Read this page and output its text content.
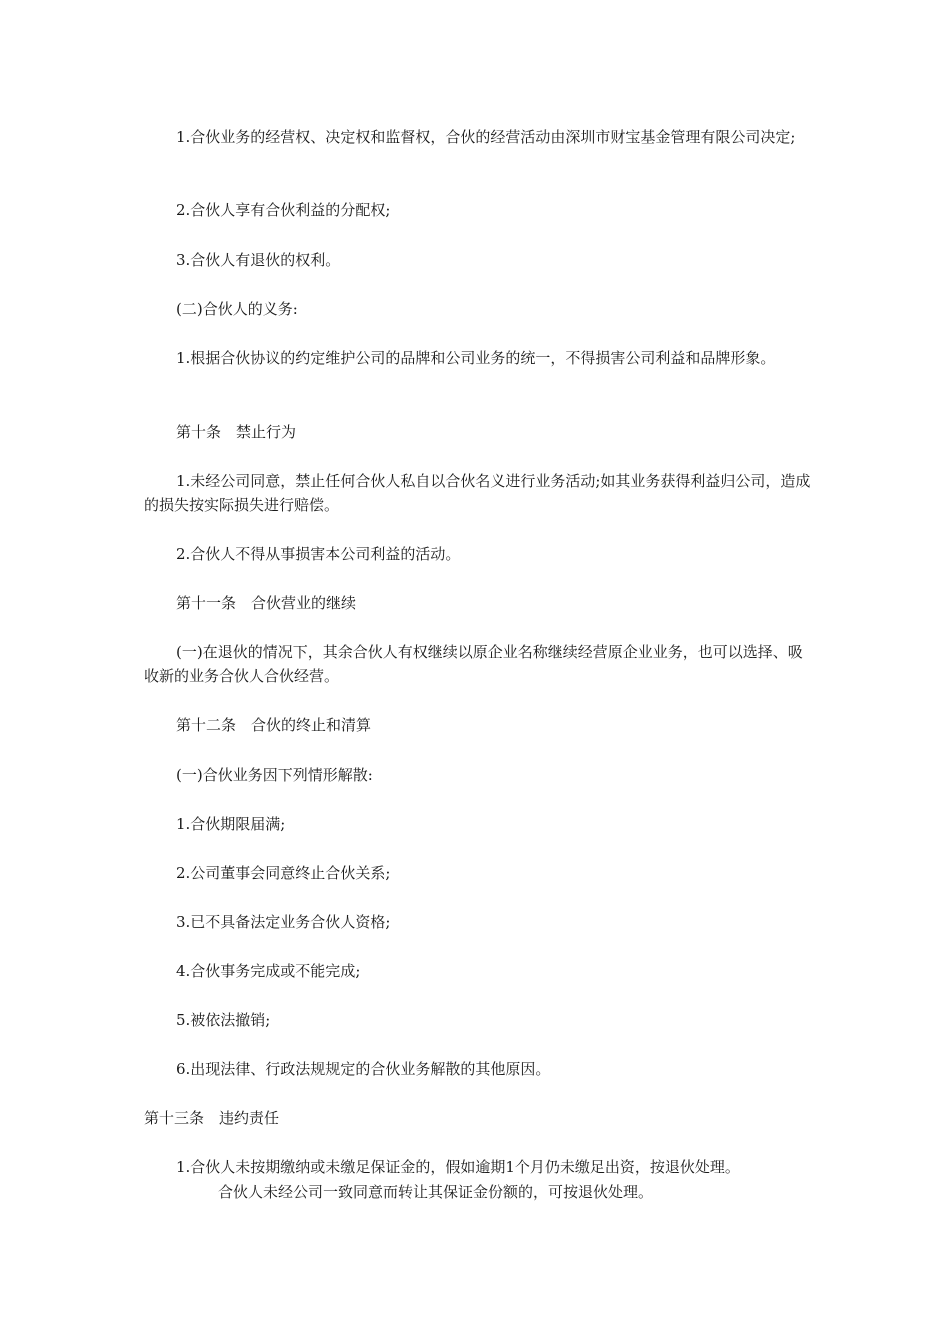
1.合伙业务的经营权、决定权和监督权，合伙的经营活动由深圳市财宝基金管理有限公司决定;

2.合伙人享有合伙利益的分配权;

3.合伙人有退伙的权利。

(二)合伙人的义务:

1.根据合伙协议的约定维护公司的品牌和公司业务的统一，不得损害公司利益和品牌形象。

第十条　禁止行为

1.未经公司同意，禁止任何合伙人私自以合伙名义进行业务活动;如其业务获得利益归公司，造成的损失按实际损失进行赔偿。

2.合伙人不得从事损害本公司利益的活动。

第十一条　合伙营业的继续

(一)在退伙的情况下，其余合伙人有权继续以原企业名称继续经营原企业业务，也可以选择、吸收新的业务合伙人合伙经营。

第十二条　合伙的终止和清算

(一)合伙业务因下列情形解散:

1.合伙期限届满;

2.公司董事会同意终止合伙关系;

3.已不具备法定业务合伙人资格;

4.合伙事务完成或不能完成;

5.被依法撤销;

6.出现法律、行政法规规定的合伙业务解散的其他原因。

第十三条　违约责任

1.合伙人未按期缴纳或未缴足保证金的，假如逾期1个月仍未缴足出资，按退伙处理。

合伙人未经公司一致同意而转让其保证金份额的，可按退伙处理。
